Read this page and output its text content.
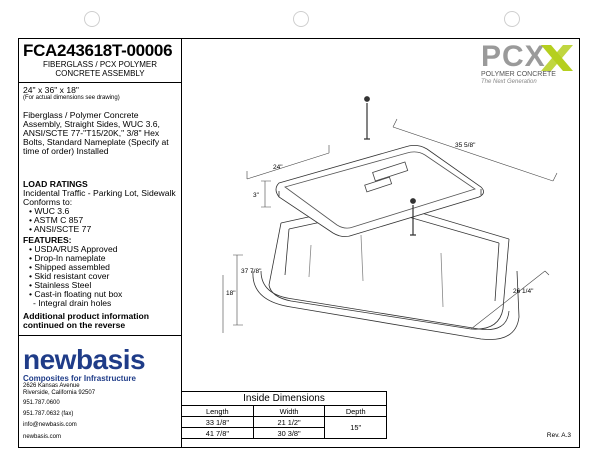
FCA243618T-00006
FIBERGLASS / PCX POLYMER
CONCRETE ASSEMBLY
24" x 36" x 18"
(For actual dimensions see drawing)
Fiberglass / Polymer Concrete Assembly, Straight Sides, WUC 3.6, ANSI/SCTE 77-"T15/20K," 3/8" Hex Bolts, Standard Nameplate (Specify at time of order) Installed
LOAD RATINGS
Incidental Traffic - Parking Lot, Sidewalk
Conforms to:
• WUC 3.6
• ASTM C 857
• ANSI/SCTE 77
FEATURES:
• USDA/RUS Approved
• Drop-In nameplate
• Shipped assembled
• Skid resistant cover
• Stainless Steel
• Cast-in floating nut box
- Integral drain holes
Additional product information continued on the reverse
newbasis
Composites for Infrastructure
2626 Kansas Avenue
Riverside, California 92507
951.787.0600
951.787.0632 (fax)
info@newbasis.com
newbasis.com
PCX
POLYMER CONCRETE
The Next Generation
24"
35 5/8"
3"
37 7/8"
18"	26 1/4"
Inside Dimensions		
Length	Width	Depth
33 1/8"	21 1/2"	15"
41 7/8"	30 3/8"		Rev. A.3
